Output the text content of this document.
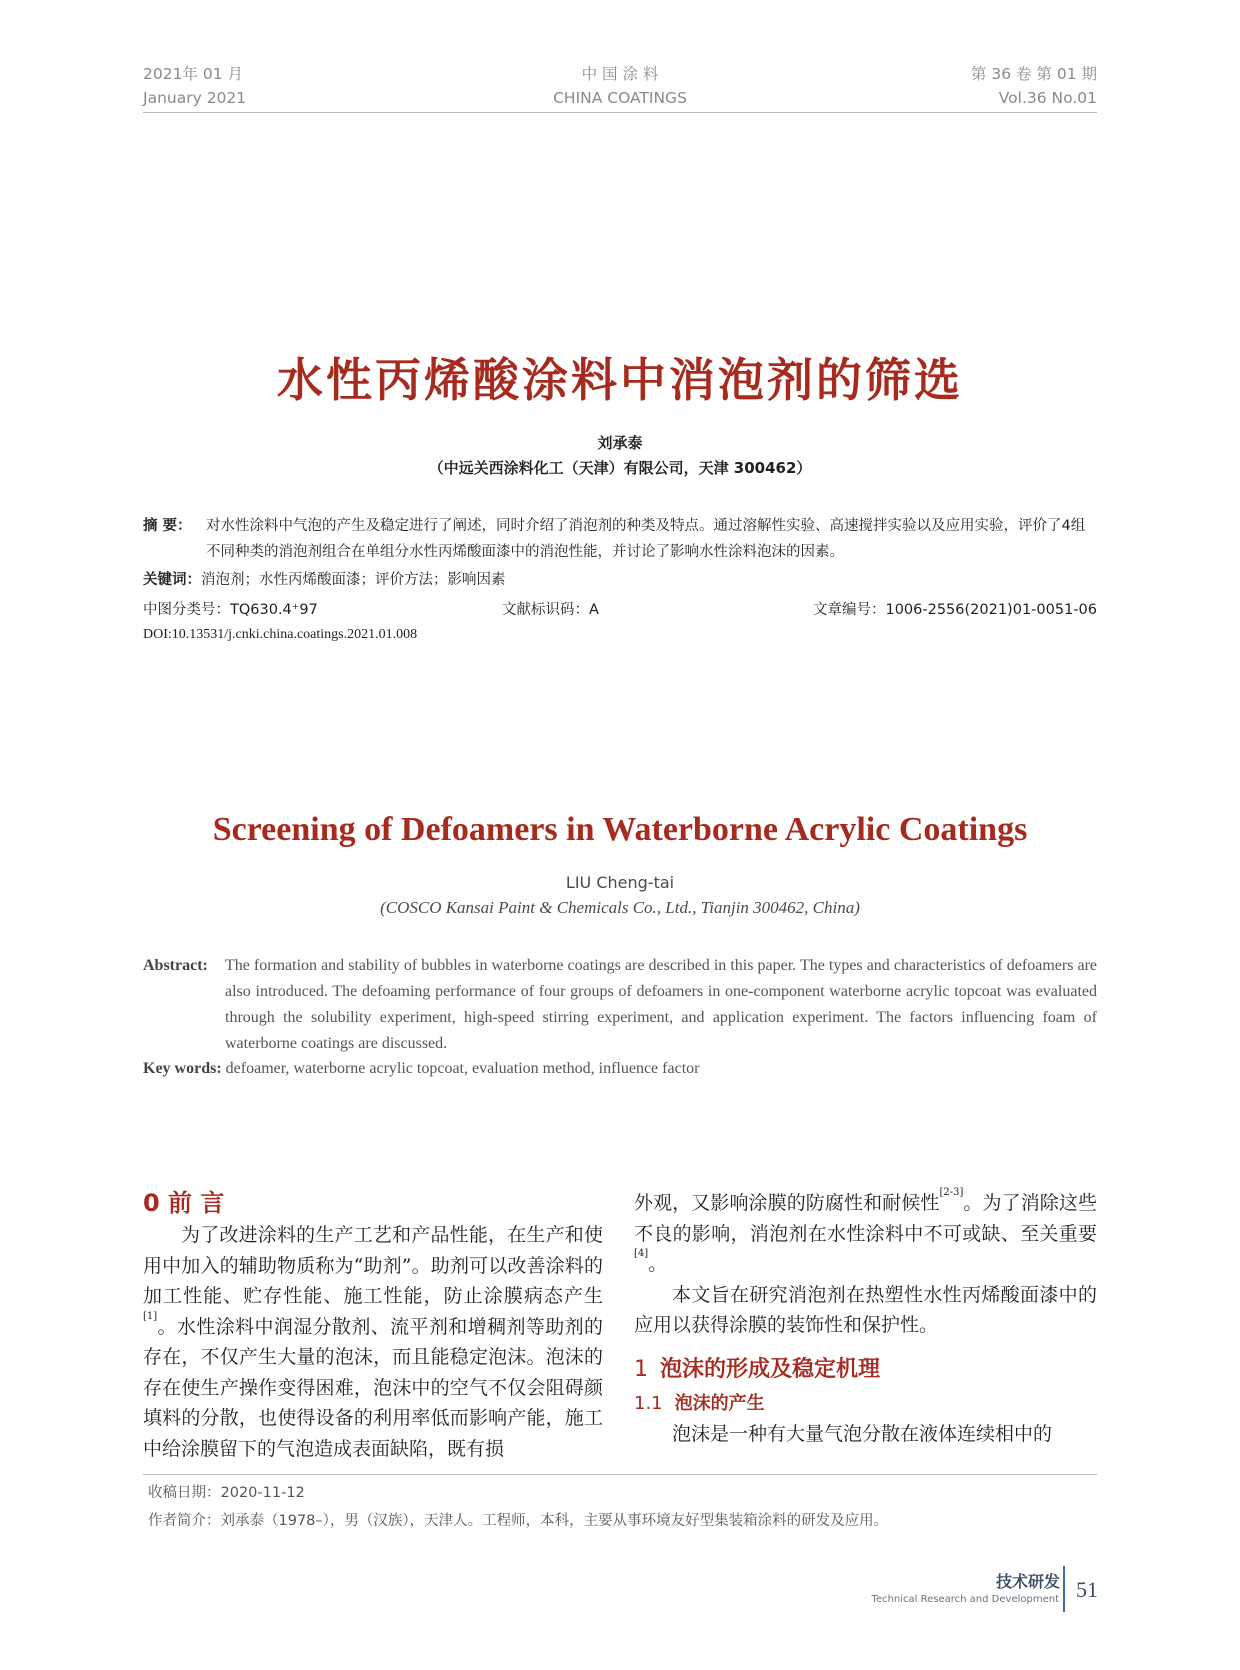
2021年 01 月
January 2021
中 国 涂 料
CHINA COATINGS
第 36 卷 第 01 期
Vol.36 No.01
水性丙烯酸涂料中消泡剂的筛选
刘承泰
（中远关西涂料化工（天津）有限公司，天津 300462）
摘 要： 对水性涂料中气泡的产生及稳定进行了阐述，同时介绍了消泡剂的种类及特点。通过溶解性实验、高速搅拌实验以及应用实验，评价了4组不同种类的消泡剂组合在单组分水性丙烯酸面漆中的消泡性能，并讨论了影响水性涂料泡沫的因素。
关键词：消泡剂；水性丙烯酸面漆；评价方法；影响因素
中图分类号：TQ630.4⁺97	文献标识码：A	文章编号：1006-2556(2021)01-0051-06
DOI:10.13531/j.cnki.china.coatings.2021.01.008
Screening of Defoamers in Waterborne Acrylic Coatings
LIU Cheng-tai
(COSCO Kansai Paint & Chemicals Co., Ltd., Tianjin 300462, China)
Abstract: The formation and stability of bubbles in waterborne coatings are described in this paper. The types and characteristics of defoamers are also introduced. The defoaming performance of four groups of defoamers in one-component waterborne acrylic topcoat was evaluated through the solubility experiment, high-speed stirring experiment, and application experiment. The factors influencing foam of waterborne coatings are discussed.
Key words: defoamer, waterborne acrylic topcoat, evaluation method, influence factor
0 前 言

为了改进涂料的生产工艺和产品性能，在生产和使用中加入的辅助物质称为“助剂”。助剂可以改善涂料的加工性能、贮存性能、施工性能，防止涂膜病态产生[1]。水性涂料中润湿分散剂、流平剂和增稠剂等助剂的存在，不仅产生大量的泡沫，而且能稳定泡沫。泡沫的存在使生产操作变得困难，泡沫中的空气不仅会阻碍颜填料的分散，也使得设备的利用率低而影响产能，施工中给涂膜留下的气泡造成表面缺陷，既有损

外观，又影响涂膜的防腐性和耐候性[2-3]。为了消除这些不良的影响，消泡剂在水性涂料中不可或缺、至关重要[4]。

本文旨在研究消泡剂在热塑性水性丙烯酸面漆中的应用以获得涂膜的装饰性和保护性。

1 泡沫的形成及稳定机理
1.1 泡沫的产生

泡沫是一种有大量气泡分散在液体连续相中的

收稿日期：2020-11-12
作者简介：刘承泰（1978–），男（汉族），天津人。工程师，本科，主要从事环境友好型集装箱涂料的研发及应用。
技术研发
Technical Research and Development 51
